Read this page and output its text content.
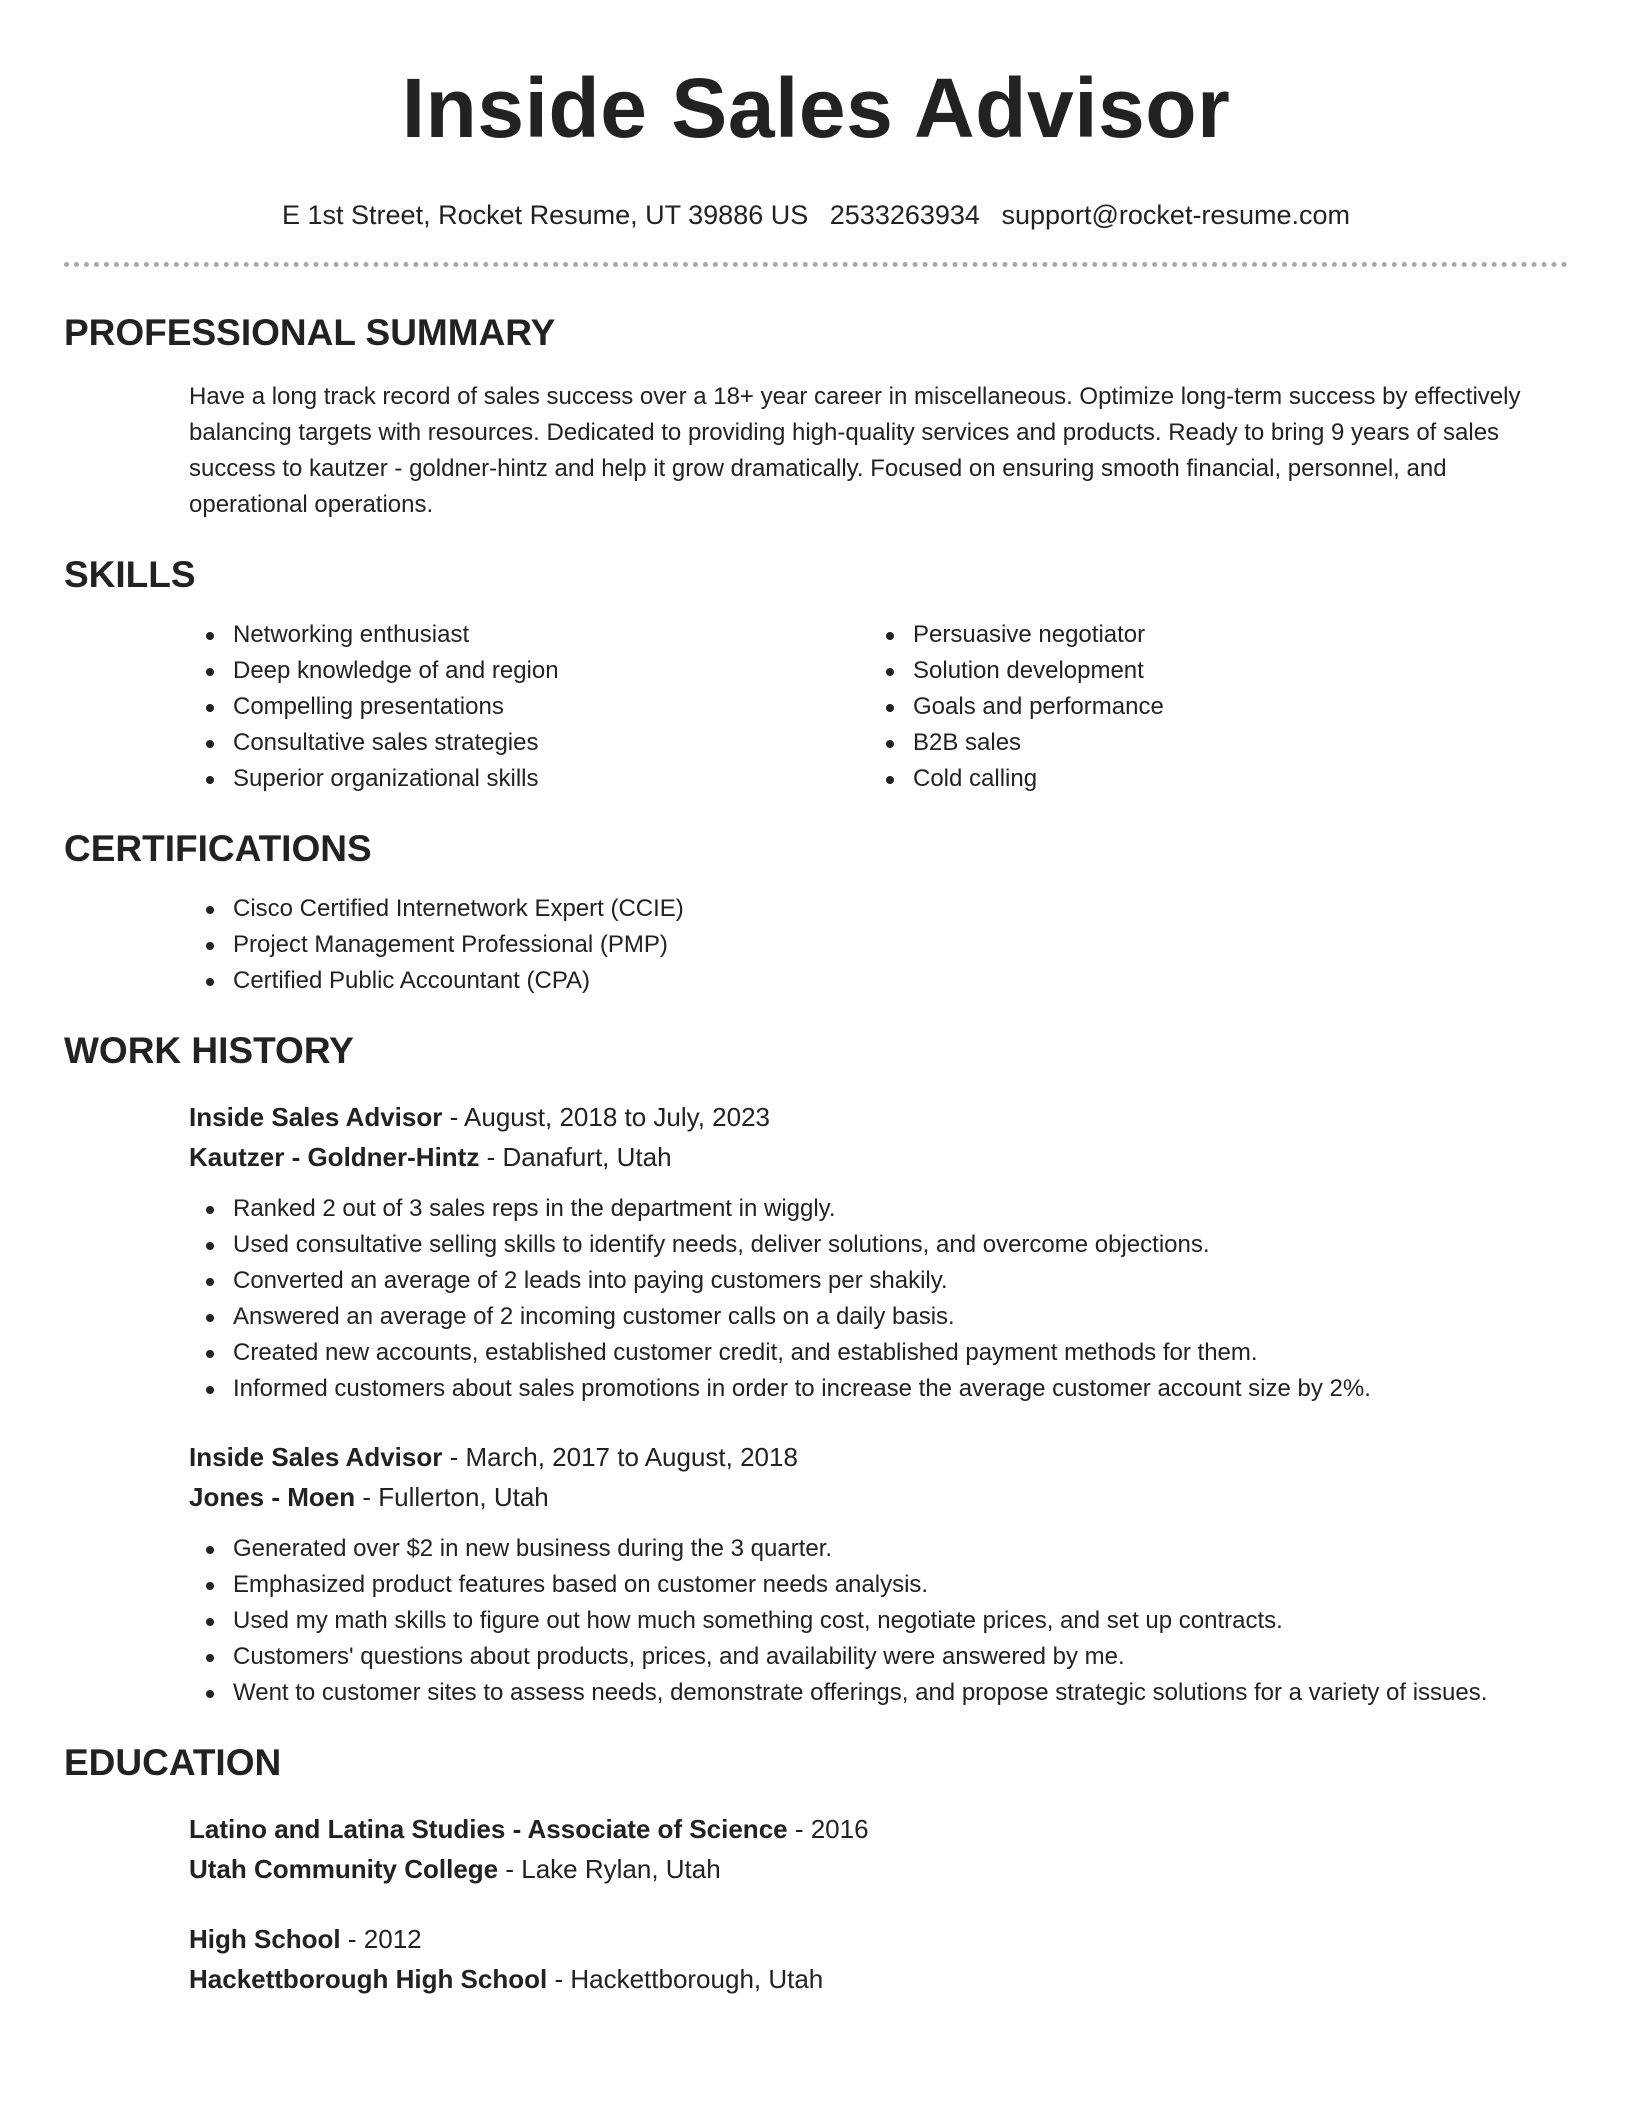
Inside Sales Advisor
E 1st Street, Rocket Resume, UT 39886 US 2533263934 support@rocket-resume.com
PROFESSIONAL SUMMARY

Have a long track record of sales success over a 18+ year career in miscellaneous. Optimize long-term success by effectively balancing targets with resources. Dedicated to providing high-quality services and products. Ready to bring 9 years of sales success to kautzer - goldner-hintz and help it grow dramatically. Focused on ensuring smooth financial, personnel, and operational operations.

SKILLS
Networking enthusiast
Deep knowledge of and region
Compelling presentations
Consultative sales strategies
Superior organizational skills
Persuasive negotiator
Solution development
Goals and performance
B2B sales
Cold calling
CERTIFICATIONS
Cisco Certified Internetwork Expert (CCIE)
Project Management Professional (PMP)
Certified Public Accountant (CPA)
WORK HISTORY
Inside Sales Advisor - August, 2018 to July, 2023
Kautzer - Goldner-Hintz - Danafurt, Utah
Ranked 2 out of 3 sales reps in the department in wiggly.
Used consultative selling skills to identify needs, deliver solutions, and overcome objections.
Converted an average of 2 leads into paying customers per shakily.
Answered an average of 2 incoming customer calls on a daily basis.
Created new accounts, established customer credit, and established payment methods for them.
Informed customers about sales promotions in order to increase the average customer account size by 2%.
Inside Sales Advisor - March, 2017 to August, 2018
Jones - Moen - Fullerton, Utah
Generated over $2 in new business during the 3 quarter.
Emphasized product features based on customer needs analysis.
Used my math skills to figure out how much something cost, negotiate prices, and set up contracts.
Customers' questions about products, prices, and availability were answered by me.
Went to customer sites to assess needs, demonstrate offerings, and propose strategic solutions for a variety of issues.
EDUCATION
Latino and Latina Studies - Associate of Science - 2016
Utah Community College - Lake Rylan, Utah
High School - 2012
Hackettborough High School - Hackettborough, Utah
